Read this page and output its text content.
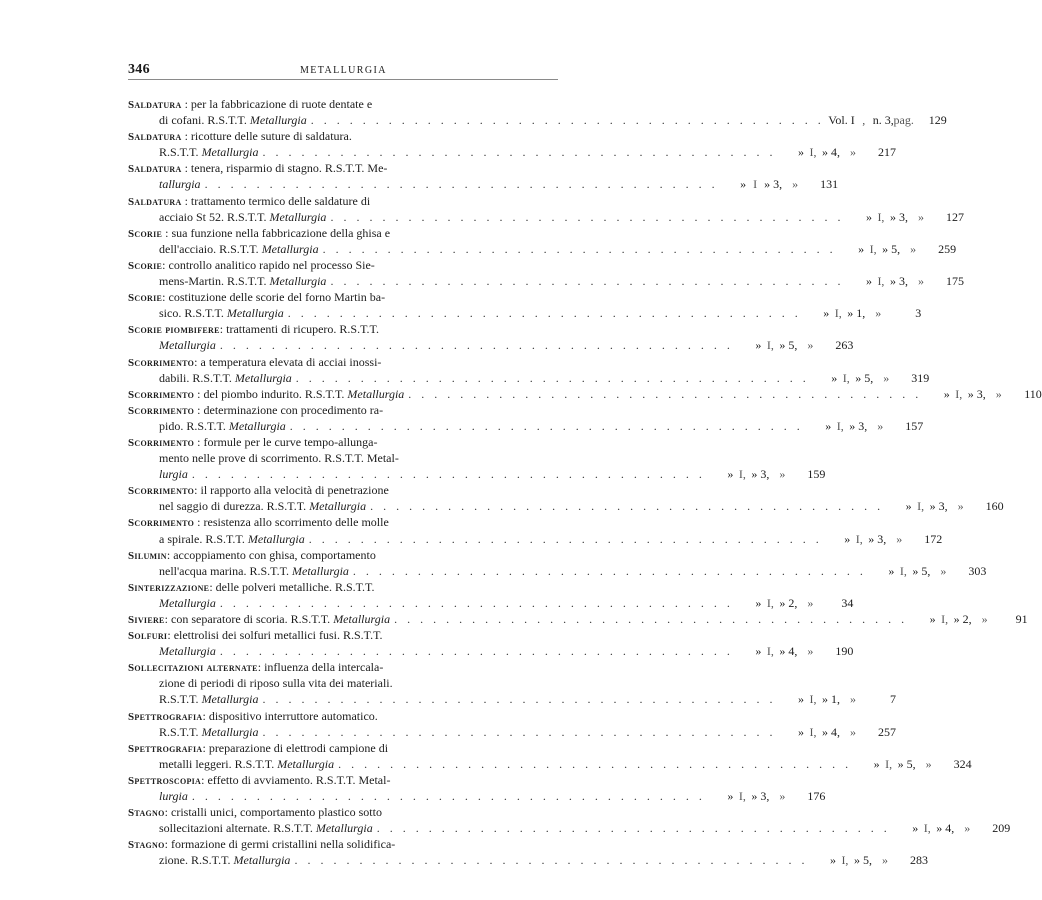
346	METALLURGIA
Saldatura : per la fabbricazione di ruote dentate e
di cofani. R.S.T.T. Metallurgia . . . . . . . . . . . . . . . . . . . . . . . . . . . . . . . . . . . . . . . . Vol. I , n. 3, pag.	129
Saldatura : ricotture delle suture di saldatura.
R.S.T.T. Metallurgia . . . . . . . . . . . . . . . . . . . . . . . . . . . . . . . . . . . . . . . .	» I, » 4, »	217
Saldatura : tenera, risparmio di stagno. R.S.T.T. Me-
tallurgia . . . . . . . . . . . . . . . . . . . . . . . . . . . . . . . . . . . . . . . .	» I » 3, »	131
Saldatura : trattamento termico delle saldature di
acciaio St 52. R.S.T.T. Metallurgia . . . . . . . . . . . . . . . . . . . . . . . . . . . . . . . . . . . . . . . .	» I, » 3, »	127
Scorie : sua funzione nella fabbricazione della ghisa e
dell'acciaio. R.S.T.T. Metallurgia . . . . . . . . . . . . . . . . . . . . . . . . . . . . . . . . . . . . . . . .	» I, » 5, »	259
Scorie: controllo analitico rapido nel processo Sie-
mens-Martin. R.S.T.T. Metallurgia . . . . . . . . . . . . . . . . . . . . . . . . . . . . . . . . . . . . . . . .	» I, » 3, »	175
Scorie: costituzione delle scorie del forno Martin ba-
sico. R.S.T.T. Metallurgia . . . . . . . . . . . . . . . . . . . . . . . . . . . . . . . . . . . . . . . .	» I, » 1, »	3
Scorie piombifere: trattamenti di ricupero. R.S.T.T.
Metallurgia . . . . . . . . . . . . . . . . . . . . . . . . . . . . . . . . . . . . . . . .	» I, » 5, »	263
Scorrimento: a temperatura elevata di acciai inossi-
dabili. R.S.T.T. Metallurgia . . . . . . . . . . . . . . . . . . . . . . . . . . . . . . . . . . . . . . . .	» I, » 5, »	319
Scorrimento : del piombo indurito. R.S.T.T. Metallurgia . . . . . . . . . . . . . . . . . . . . . . . . . . . . . . . . . . . . . . . .	» I, » 3, »	110
Scorrimento : determinazione con procedimento ra-
pido. R.S.T.T. Metallurgia . . . . . . . . . . . . . . . . . . . . . . . . . . . . . . . . . . . . . . . .	» I, » 3, »	157
Scorrimento : formule per le curve tempo-allunga-
mento nelle prove di scorrimento. R.S.T.T. Metal-
lurgia . . . . . . . . . . . . . . . . . . . . . . . . . . . . . . . . . . . . . . . .	» I, » 3, »	159
Scorrimento: il rapporto alla velocità di penetrazione
nel saggio di durezza. R.S.T.T. Metallurgia . . . . . . . . . . . . . . . . . . . . . . . . . . . . . . . . . . . . . . . .	» I, » 3, »	160
Scorrimento : resistenza allo scorrimento delle molle
a spirale. R.S.T.T. Metallurgia . . . . . . . . . . . . . . . . . . . . . . . . . . . . . . . . . . . . . . . .	» I, » 3, »	172
Silumin: accoppiamento con ghisa, comportamento
nell'acqua marina. R.S.T.T. Metallurgia . . . . . . . . . . . . . . . . . . . . . . . . . . . . . . . . . . . . . . . .	» I, » 5, »	303
Sinterizzazione: delle polveri metalliche. R.S.T.T.
Metallurgia . . . . . . . . . . . . . . . . . . . . . . . . . . . . . . . . . . . . . . . .	» I, » 2, »	34
Siviere: con separatore di scoria. R.S.T.T. Metallurgia . . . . . . . . . . . . . . . . . . . . . . . . . . . . . . . . . . . . . . . .	» I, » 2, »	91
Solfuri: elettrolisi dei solfuri metallici fusi. R.S.T.T.
Metallurgia . . . . . . . . . . . . . . . . . . . . . . . . . . . . . . . . . . . . . . . .	» I, » 4, »	190
Sollecitazioni alternate: influenza della intercala-
zione di periodi di riposo sulla vita dei materiali.
R.S.T.T. Metallurgia . . . . . . . . . . . . . . . . . . . . . . . . . . . . . . . . . . . . . . . .	» I, » 1, »	7
Spettrografia: dispositivo interruttore automatico.
R.S.T.T. Metallurgia . . . . . . . . . . . . . . . . . . . . . . . . . . . . . . . . . . . . . . . .	» I, » 4, »	257
Spettrografia: preparazione di elettrodi campione di
metalli leggeri. R.S.T.T. Metallurgia . . . . . . . . . . . . . . . . . . . . . . . . . . . . . . . . . . . . . . . .	» I, » 5, »	324
Spettroscopia: effetto di avviamento. R.S.T.T. Metal-
lurgia . . . . . . . . . . . . . . . . . . . . . . . . . . . . . . . . . . . . . . . .	» I, » 3, »	176
Stagno: cristalli unici, comportamento plastico sotto
sollecitazioni alternate. R.S.T.T. Metallurgia . . . . . . . . . . . . . . . . . . . . . . . . . . . . . . . . . . . . . . . .	» I, » 4, »	209
Stagno: formazione di germi cristallini nella solidifica-
zione. R.S.T.T. Metallurgia . . . . . . . . . . . . . . . . . . . . . . . . . . . . . . . . . . . . . . . .	» I, » 5, »	283
